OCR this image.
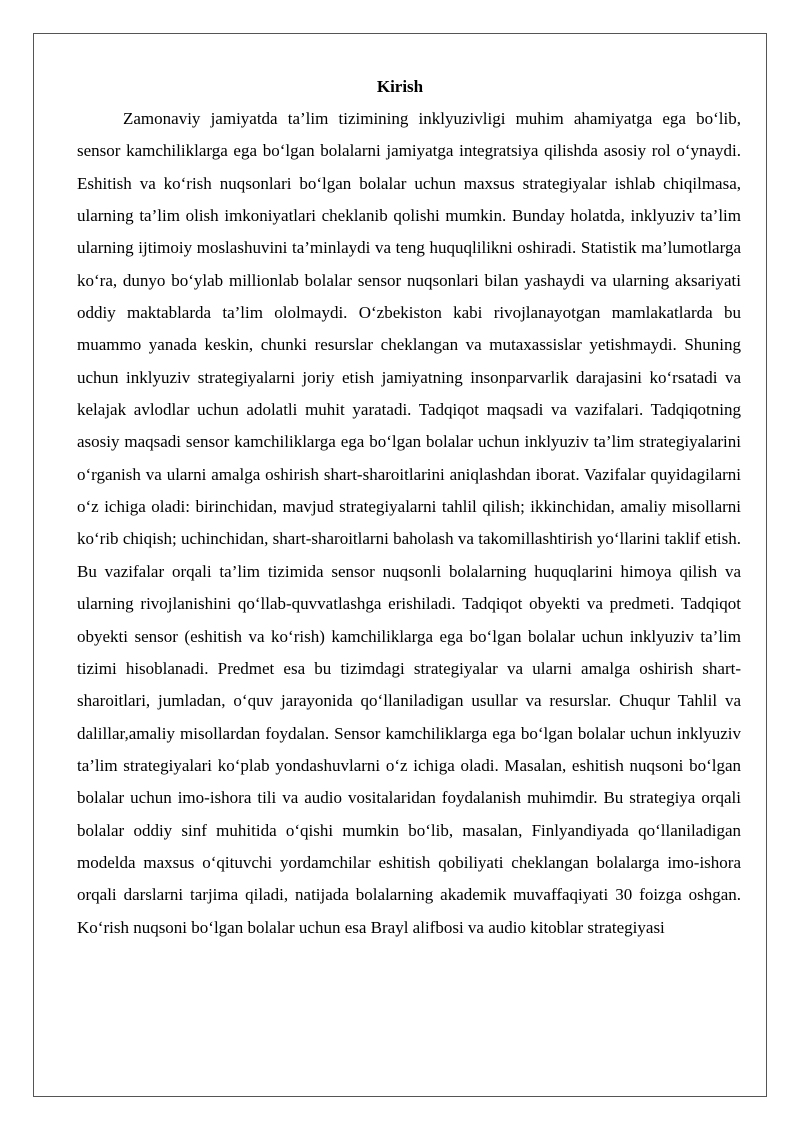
Kirish

Zamonaviy jamiyatda ta’lim tizimining inklyuzivligi muhim ahamiyatga ega bo‘lib, sensor kamchiliklarga ega bo‘lgan bolalarni jamiyatga integratsiya qilishda asosiy rol o‘ynaydi. Eshitish va ko‘rish nuqsonlari bo‘lgan bolalar uchun maxsus strategiyalar ishlab chiqilmasa, ularning ta’lim olish imkoniyatlari cheklanib qolishi mumkin. Bunday holatda, inklyuziv ta’lim ularning ijtimoiy moslashuvini ta’minlaydi va teng huquqlilikni oshiradi. Statistik ma’lumotlarga ko‘ra, dunyo bo‘ylab millionlab bolalar sensor nuqsonlari bilan yashaydi va ularning aksariyati oddiy maktablarda ta’lim ololmaydi. O‘zbekiston kabi rivojlanayotgan mamlakatlarda bu muammo yanada keskin, chunki resurslar cheklangan va mutaxassislar yetishmaydi. Shuning uchun inklyuziv strategiyalarni joriy etish jamiyatning insonparvarlik darajasini ko‘rsatadi va kelajak avlodlar uchun adolatli muhit yaratadi. Tadqiqot maqsadi va vazifalari. Tadqiqotning asosiy maqsadi sensor kamchiliklarga ega bo‘lgan bolalar uchun inklyuziv ta’lim strategiyalarini o‘rganish va ularni amalga oshirish shart-sharoitlarini aniqlashdan iborat. Vazifalar quyidagilarni o‘z ichiga oladi: birinchidan, mavjud strategiyalarni tahlil qilish; ikkinchidan, amaliy misollarni ko‘rib chiqish; uchinchidan, shart-sharoitlarni baholash va takomillashtirish yo‘llarini taklif etish. Bu vazifalar orqali ta’lim tizimida sensor nuqsonli bolalarning huquqlarini himoya qilish va ularning rivojlanishini qo‘llab-quvvatlashga erishiladi. Tadqiqot obyekti va predmeti. Tadqiqot obyekti sensor (eshitish va ko‘rish) kamchiliklarga ega bo‘lgan bolalar uchun inklyuziv ta’lim tizimi hisoblanadi. Predmet esa bu tizimdagi strategiyalar va ularni amalga oshirish shart-sharoitlari, jumladan, o‘quv jarayonida qo‘llaniladigan usullar va resurslar. Chuqur Tahlil va dalillar,amaliy misollardan foydalan. Sensor kamchiliklarga ega bo‘lgan bolalar uchun inklyuziv ta’lim strategiyalari ko‘plab yondashuvlarni o‘z ichiga oladi. Masalan, eshitish nuqsoni bo‘lgan bolalar uchun imo-ishora tili va audio vositalaridan foydalanish muhimdir. Bu strategiya orqali bolalar oddiy sinf muhitida o‘qishi mumkin bo‘lib, masalan, Finlyandiyada qo‘llaniladigan modelda maxsus o‘qituvchi yordamchilar eshitish qobiliyati cheklangan bolalarga imo-ishora orqali darslarni tarjima qiladi, natijada bolalarning akademik muvaffaqiyati 30 foizga oshgan. Ko‘rish nuqsoni bo‘lgan bolalar uchun esa Brayl alifbosi va audio kitoblar strategiyasi
